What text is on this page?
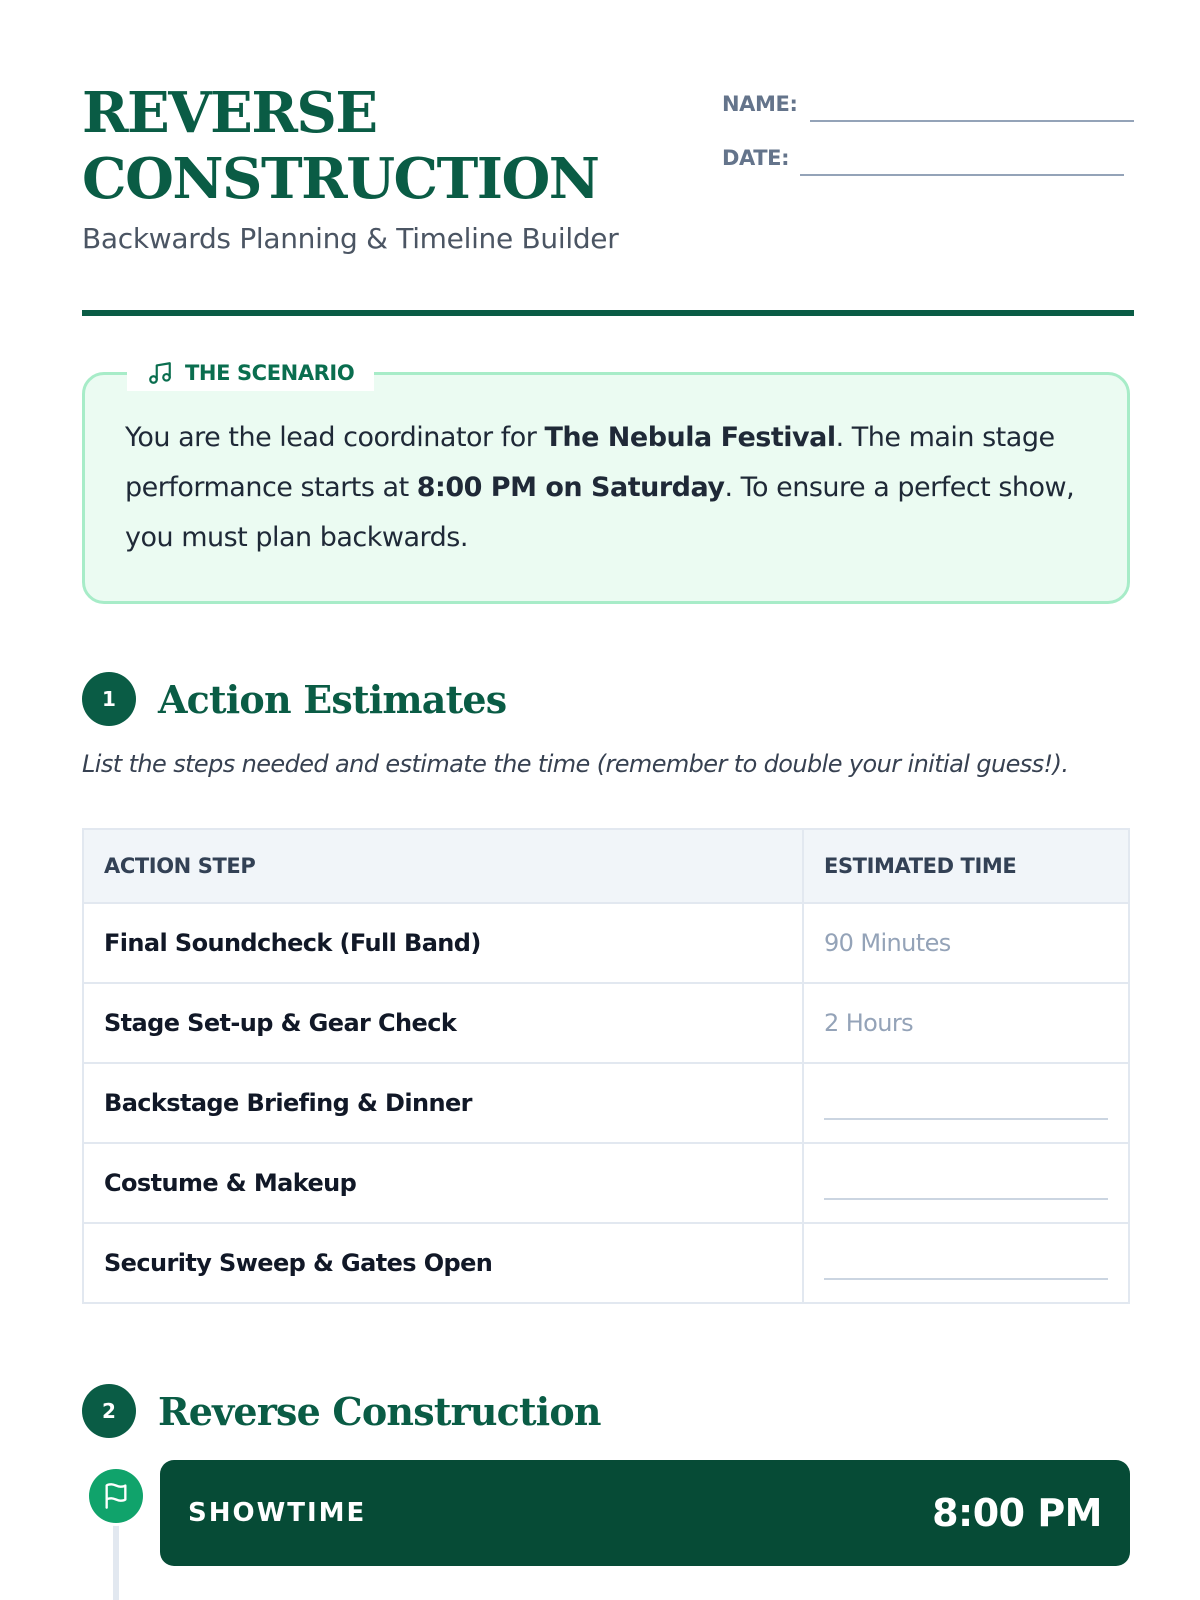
REVERSE
CONSTRUCTION
Backwards Planning & Timeline Builder
NAME:
DATE:
THE SCENARIO
You are the lead coordinator for The Nebula Festival. The main stage performance starts at 8:00 PM on Saturday. To ensure a perfect show, you must plan backwards.
1	Action Estimates
List the steps needed and estimate the time (remember to double your initial guess!).
ACTION STEP	ESTIMATED TIME
Final Soundcheck (Full Band)	90 Minutes
Stage Set-up & Gear Check	2 Hours
Backstage Briefing & Dinner	

Costume & Makeup	

Security Sweep & Gates Open	
2	Reverse Construction
SHOWTIME	8:00 PM
